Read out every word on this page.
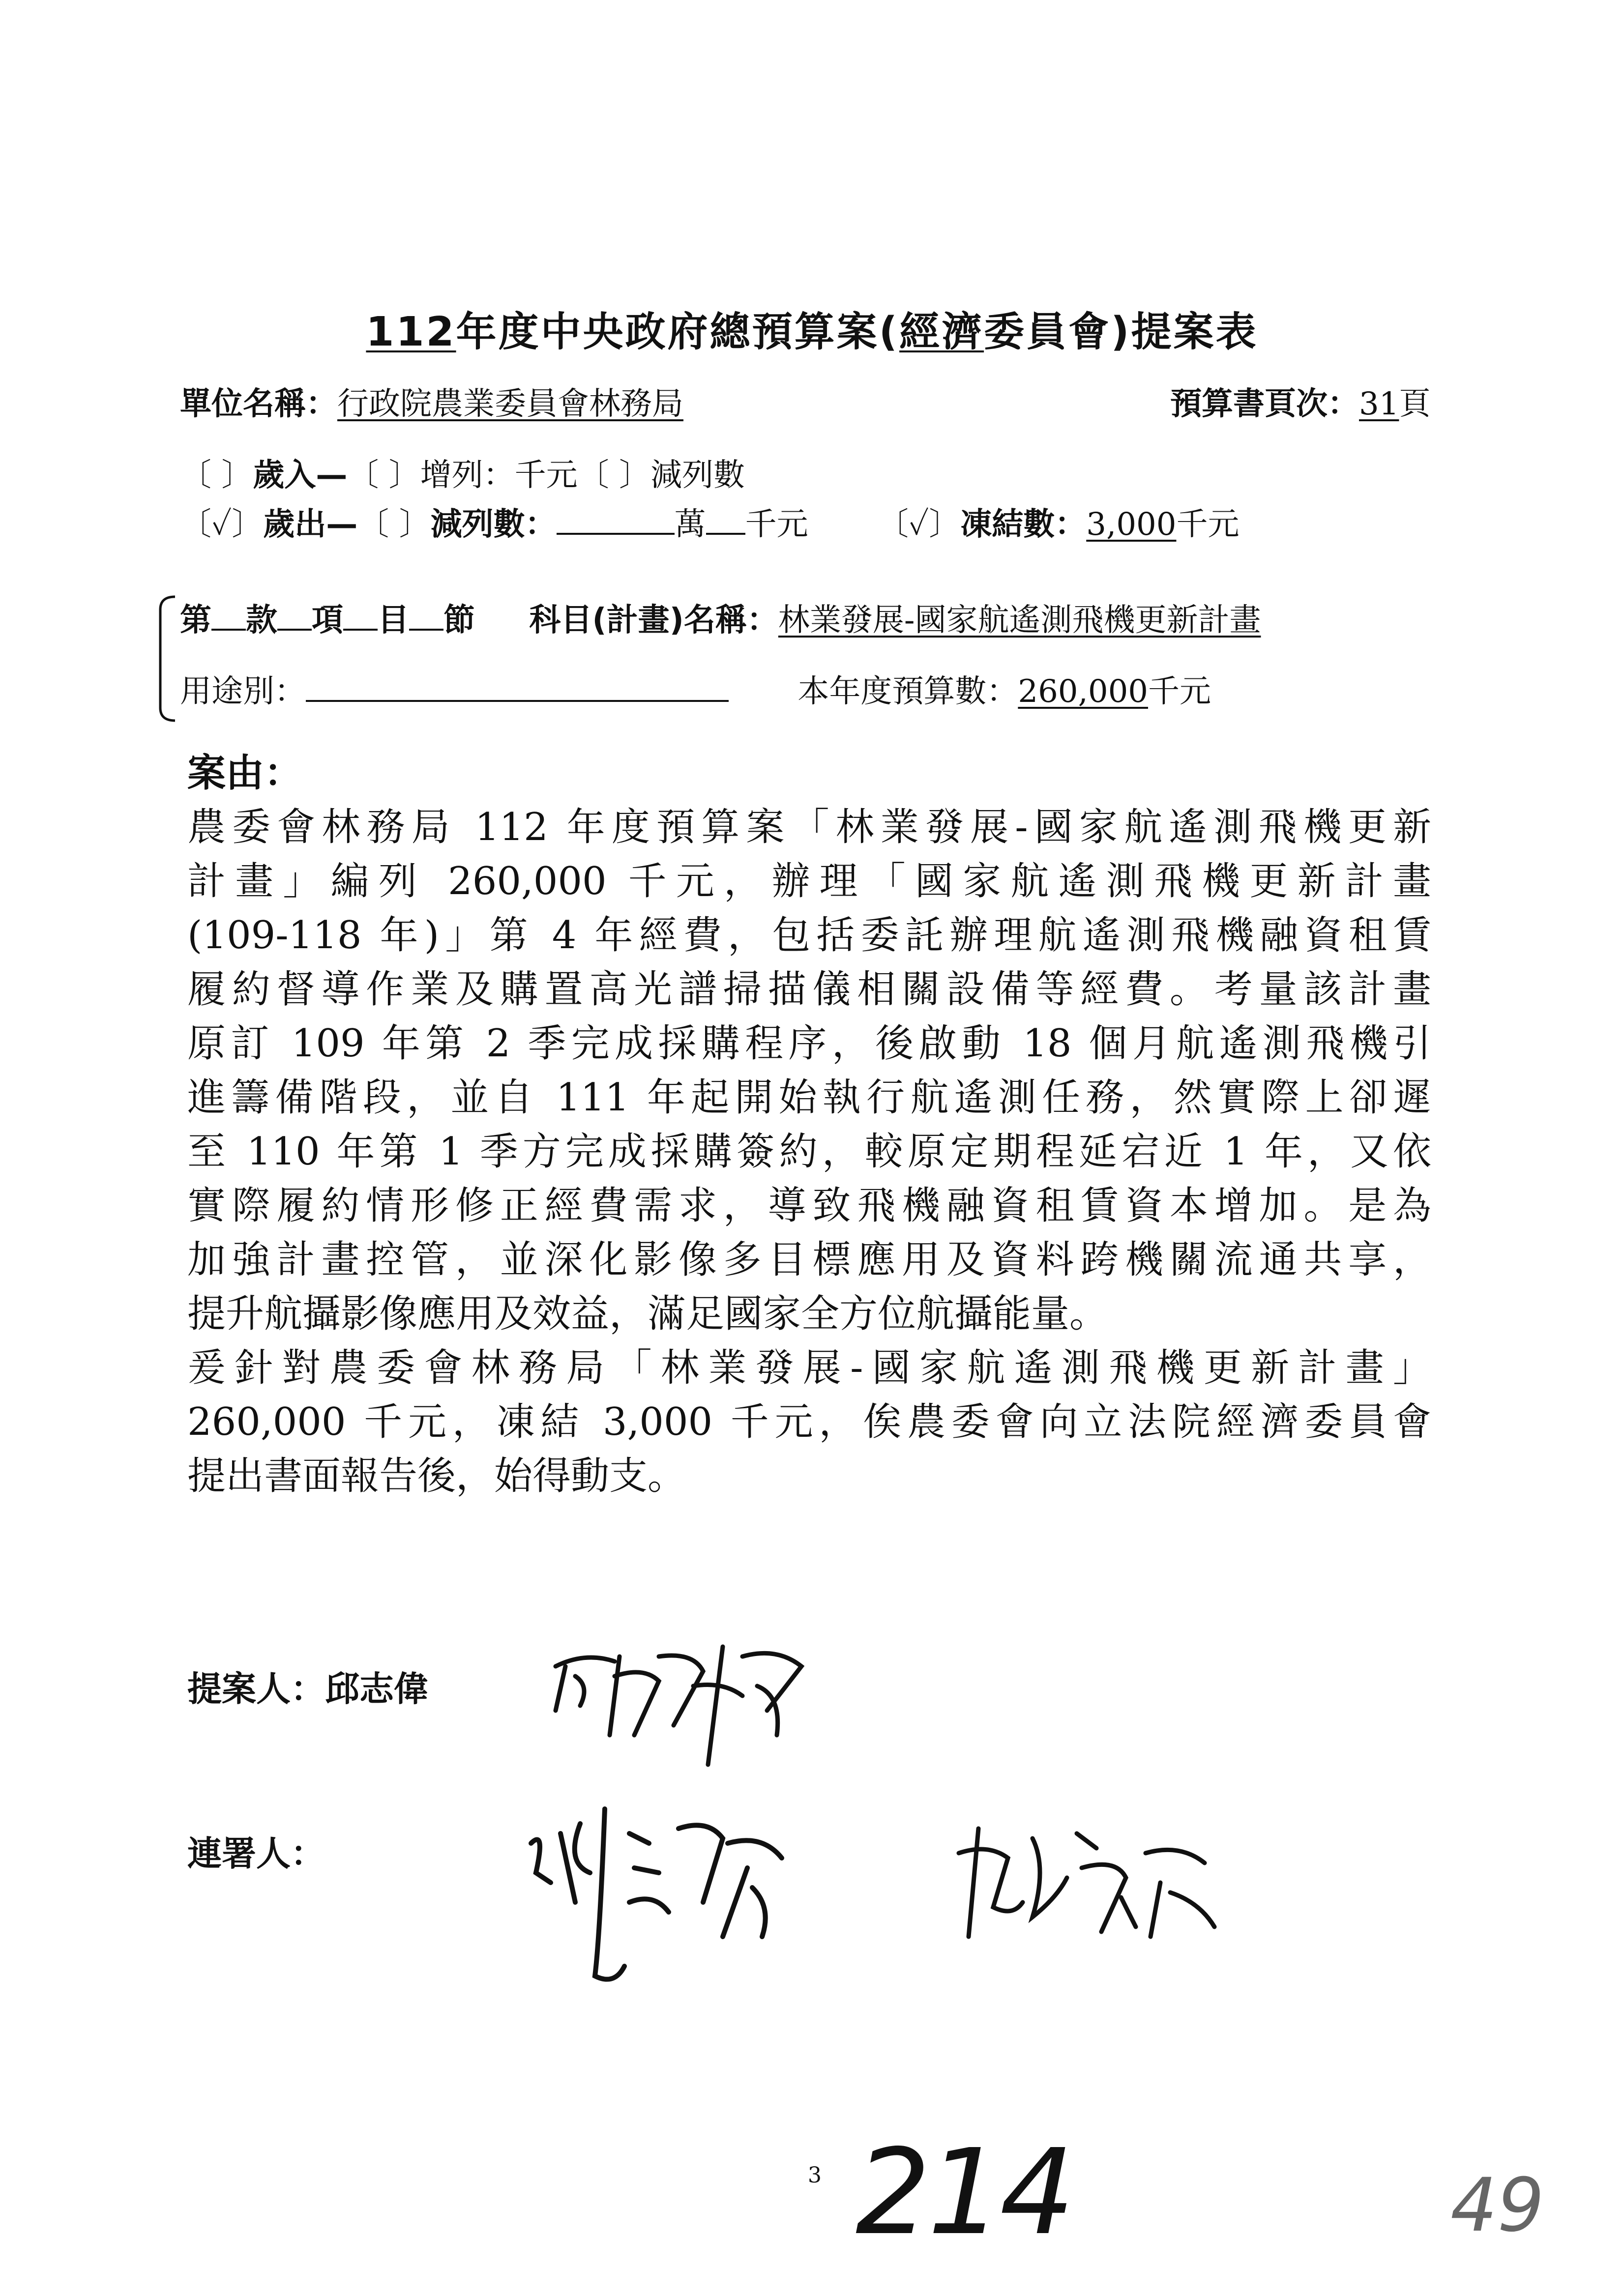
112年度中央政府總預算案(經濟委員會)提案表
單位名稱：行政院農業委員會林務局	預算書頁次：31頁
〔 〕歲入—〔 〕增列：千元〔 〕減列數
〔✓〕歲出—〔 〕減列數：	萬 千元 〔✓〕凍結數：3,000千元
第 款 項 目 節 科目(計畫)名稱：林業發展-國家航遙測飛機更新計畫
用途別：	本年度預算數：260,000千元
案由：
農委會林務局 112 年度預算案「林業發展-國家航遙測飛機更新
計畫」編列 260,000 千元，辦理「國家航遙測飛機更新計畫
(109-118 年)」第 4 年經費，包括委託辦理航遙測飛機融資租賃
履約督導作業及購置高光譜掃描儀相關設備等經費。考量該計畫
原訂 109 年第 2 季完成採購程序，後啟動 18 個月航遙測飛機引
進籌備階段，並自 111 年起開始執行航遙測任務，然實際上卻遲
至 110 年第 1 季方完成採購簽約，較原定期程延宕近 1 年，又依
實際履約情形修正經費需求，導致飛機融資租賃資本增加。是為
加強計畫控管，並深化影像多目標應用及資料跨機關流通共享，
提升航攝影像應用及效益，滿足國家全方位航攝能量。
爰針對農委會林務局「林業發展-國家航遙測飛機更新計畫」
260,000 千元，凍結 3,000 千元，俟農委會向立法院經濟委員會
提出書面報告後，始得動支。
提案人：邱志偉
連署人：
3 214	49
